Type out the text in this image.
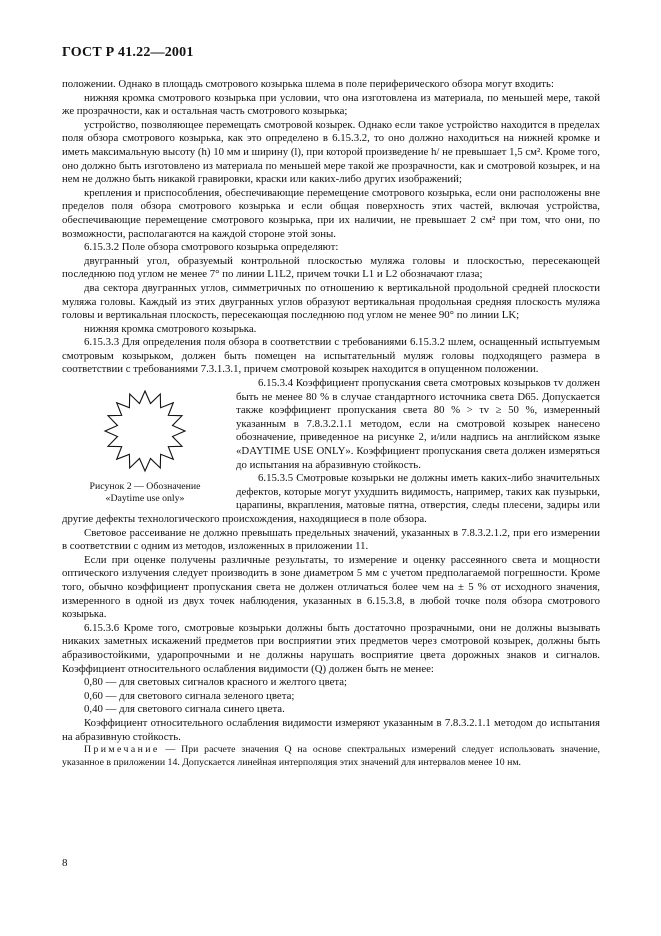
ГОСТ Р 41.22—2001

положении. Однако в площадь смотрового козырька шлема в поле периферического обзора могут входить:

нижняя кромка смотрового козырька при условии, что она изготовлена из материала, по меньшей мере, такой же прозрачности, как и остальная часть смотрового козырька;

устройство, позволяющее перемещать смотровой козырек. Однако если такое устройство находится в пределах поля обзора смотрового козырька, как это определено в 6.15.3.2, то оно должно находиться на нижней кромке и иметь максимальную высоту (h) 10 мм и ширину (l), при которой произведение h/ не превышает 1,5 см². Кроме того, оно должно быть изготовлено из материала по меньшей мере такой же прозрачности, как и смотровой козырек, и на нем не должно быть никакой гравировки, краски или каких-либо других изображений;

крепления и приспособления, обеспечивающие перемещение смотрового козырька, если они расположены вне пределов поля обзора смотрового козырька и если общая поверхность этих частей, включая устройства, обеспечивающие перемещение смотрового козырька, при их наличии, не превышает 2 см² при том, что они, по возможности, располагаются на каждой стороне этой зоны.

6.15.3.2 Поле обзора смотрового козырька определяют:

двугранный угол, образуемый контрольной плоскостью муляжа головы и плоскостью, пересекающей последнюю под углом не менее 7° по линии L1L2, причем точки L1 и L2 обозначают глаза;

два сектора двугранных углов, симметричных по отношению к вертикальной продольной средней плоскости муляжа головы. Каждый из этих двугранных углов образуют вертикальная продольная средняя плоскость муляжа головы и вертикальная плоскость, пересекающая последнюю под углом не менее 90° по линии LK;

нижняя кромка смотрового козырька.

6.15.3.3 Для определения поля обзора в соответствии с требованиями 6.15.3.2 шлем, оснащенный испытуемым смотровым козырьком, должен быть помещен на испытательный муляж головы подходящего размера в соответствии с требованиями 7.3.1.3.1, причем смотровой козырек находится в опущенном положении.

Рисунок 2 — Обозначение
«Daytime use only»

6.15.3.4 Коэффициент пропускания света смотровых козырьков τv должен быть не менее 80 % в случае стандартного источника света D65. Допускается также коэффициент пропускания света 80 % > τv ≥ 50 %, измеренный указанным в 7.8.3.2.1.1 методом, если на смотровой козырек нанесено обозначение, приведенное на рисунке 2, и/или надпись на английском языке «DAYTIME USE ONLY». Коэффициент пропускания света должен измеряться до испытания на абразивную стойкость.

6.15.3.5 Смотровые козырьки не должны иметь каких-либо значительных дефектов, которые могут ухудшить видимость, например, таких как пузырьки, царапины, вкрапления, матовые пятна, отверстия, следы плесени, задиры или другие дефекты технологического происхождения, находящиеся в поле обзора.

Световое рассеивание не должно превышать предельных значений, указанных в 7.8.3.2.1.2, при его измерении в соответствии с одним из методов, изложенных в приложении 11.

Если при оценке получены различные результаты, то измерение и оценку рассеянного света и мощности оптического излучения следует производить в зоне диаметром 5 мм с учетом предполагаемой погрешности. Кроме того, обычно коэффициент пропускания света не должен отличаться более чем на ± 5 % от исходного значения, измеренного в одной из двух точек наблюдения, указанных в 6.15.3.8, в любой точке поля обзора смотрового козырька.

6.15.3.6 Кроме того, смотровые козырьки должны быть достаточно прозрачными, они не должны вызывать никаких заметных искажений предметов при восприятии этих предметов через смотровой козырек, должны быть абразивостойкими, ударопрочными и не должны нарушать восприятие цвета дорожных знаков и сигналов. Коэффициент относительного ослабления видимости (Q) должен быть не менее:

0,80 — для световых сигналов красного и желтого цвета;

0,60 — для светового сигнала зеленого цвета;

0,40 — для светового сигнала синего цвета.

Коэффициент относительного ослабления видимости измеряют указанным в 7.8.3.2.1.1 методом до испытания на абразивную стойкость.

Примечание — При расчете значения Q на основе спектральных измерений следует использовать значение, указанное в приложении 14. Допускается линейная интерполяция этих значений для интервалов менее 10 нм.

8
